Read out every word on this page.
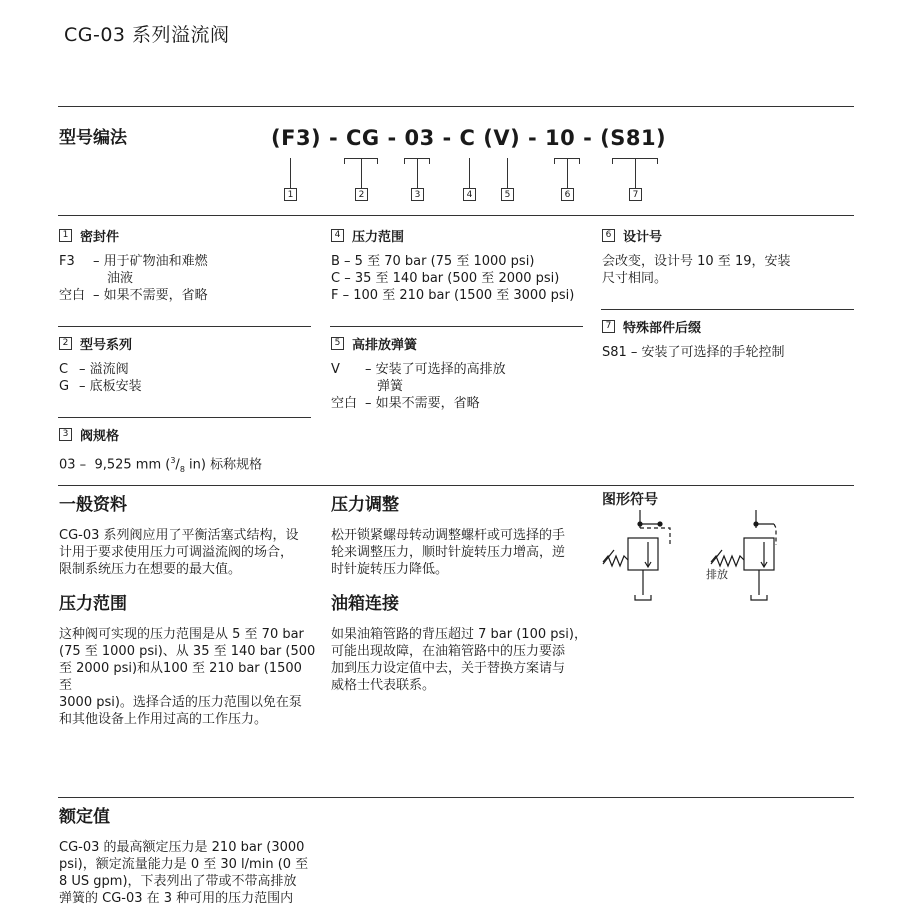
CG-03 系列溢流阀
型号编法	(F3) - CG - 03 - C (V) - 10 - (S81)
1	2	3	4	5	6	7
1 密封件
F3	– 用于矿物油和难燃
油液
空白 – 如果不需要，省略
2 型号系列
C – 溢流阀
G – 底板安装
3 阀规格
03 –  9,525 mm ($^3/_8$ in) 标称规格
4 压力范围
B – 5 至 70 bar (75 至 1000 psi)
C – 35 至 140 bar (500 至 2000 psi)
F – 100 至 210 bar (1500 至 3000 psi)
5 高排放弹簧
V	– 安装了可选择的高排放
弹簧
空白 – 如果不需要，省略
6 设计号
会改变，设计号 10 至 19，安装
尺寸相同。
7 特殊部件后缀
S81 – 安装了可选择的手轮控制
一般资料
CG-03 系列阀应用了平衡活塞式结构，设
计用于要求使用压力可调溢流阀的场合，
限制系统压力在想要的最大值。
压力范围
这种阀可实现的压力范围是从 5 至 70 bar
(75 至 1000 psi)、从 35 至 140 bar (500
至 2000 psi)和从100 至 210 bar (1500 至
3000 psi)。选择合适的压力范围以免在泵
和其他设备上作用过高的工作压力。
压力调整
松开锁紧螺母转动调整螺杆或可选择的手
轮来调整压力，顺时针旋转压力增高，逆
时针旋转压力降低。
油箱连接
如果油箱管路的背压超过 7 bar (100 psi)，
可能出现故障，在油箱管路中的压力要添
加到压力设定值中去，关于替换方案请与
威格士代表联系。
图形符号
排放
额定值
CG-03 的最高额定压力是 210 bar (3000
psi)，额定流量能力是 0 至 30 l/min (0 至
8 US gpm)，下表列出了带或不带高排放
弹簧的 CG-03 在 3 种可用的压力范围内
